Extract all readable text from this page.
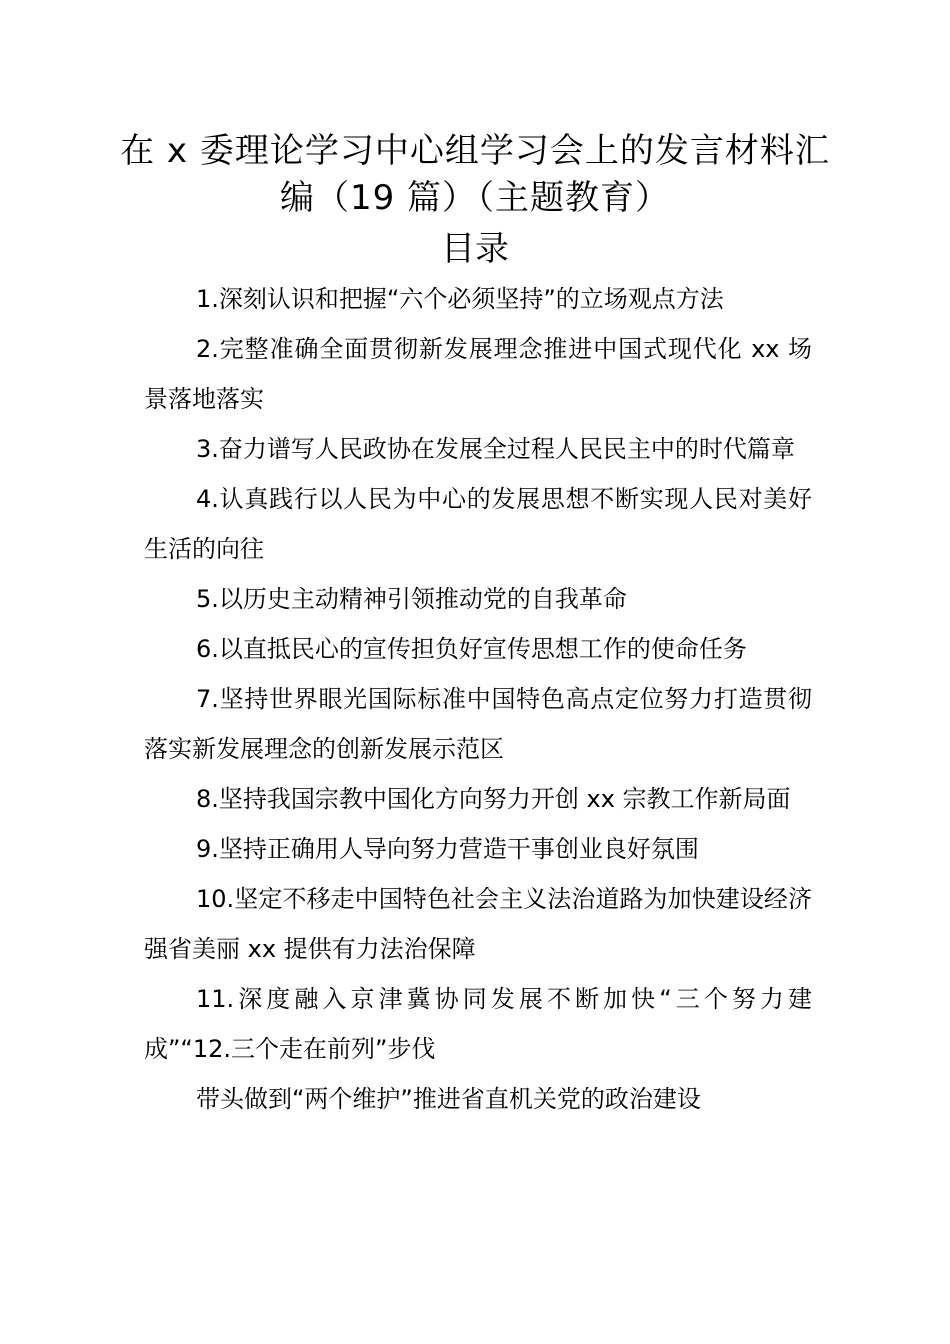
在 x 委理论学习中心组学习会上的发言材料汇编（19 篇）（主题教育）
目录
1.深刻认识和把握“六个必须坚持”的立场观点方法
2.完整准确全面贯彻新发展理念推进中国式现代化 xx 场景落地落实
3.奋力谱写人民政协在发展全过程人民民主中的时代篇章
4.认真践行以人民为中心的发展思想不断实现人民对美好生活的向往
5.以历史主动精神引领推动党的自我革命
6.以直抵民心的宣传担负好宣传思想工作的使命任务
7.坚持世界眼光国际标准中国特色高点定位努力打造贯彻落实新发展理念的创新发展示范区
8.坚持我国宗教中国化方向努力开创 xx 宗教工作新局面
9.坚持正确用人导向努力营造干事创业良好氛围
10.坚定不移走中国特色社会主义法治道路为加快建设经济强省美丽 xx 提供有力法治保障
11.深度融入京津冀协同发展不断加快“三个努力建成”“12.三个走在前列”步伐
带头做到“两个维护”推进省直机关党的政治建设
